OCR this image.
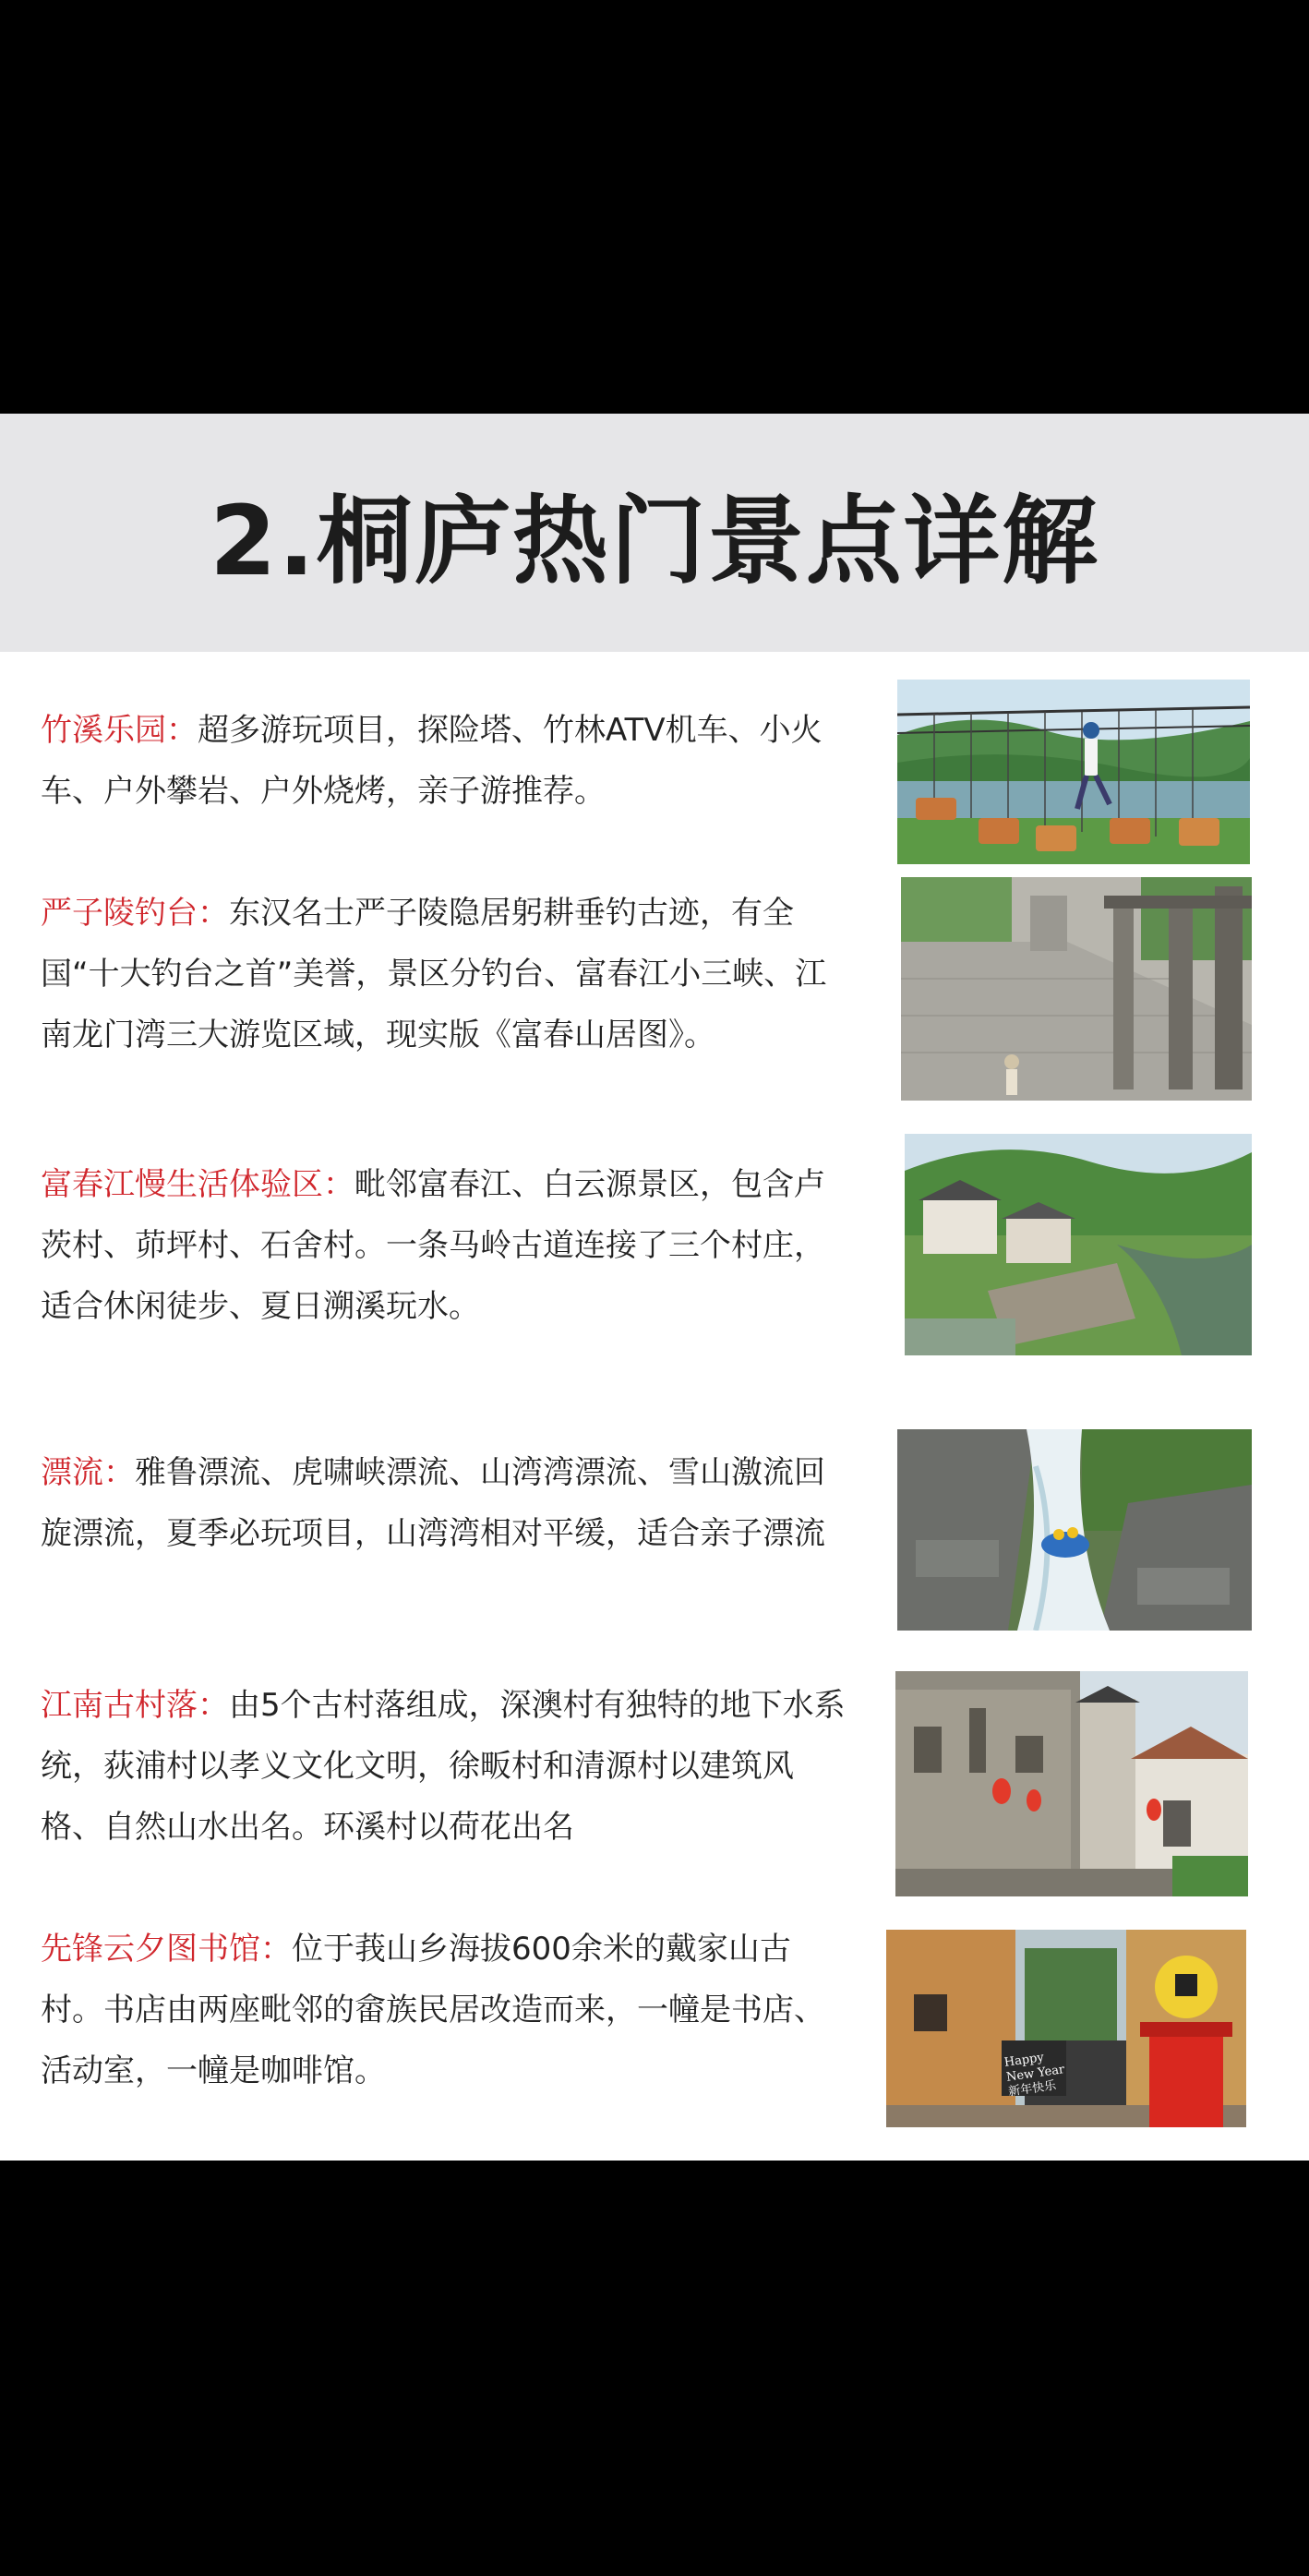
2.桐庐热门景点详解
竹溪乐园：超多游玩项目，探险塔、竹林ATV机车、小火车、户外攀岩、户外烧烤，亲子游推荐。
严子陵钓台：东汉名士严子陵隐居躬耕垂钓古迹，有全国“十大钓台之首”美誉，景区分钓台、富春江小三峡、江南龙门湾三大游览区域，现实版《富春山居图》。
富春江慢生活体验区：毗邻富春江、白云源景区，包含卢茨村、茆坪村、石舍村。一条马岭古道连接了三个村庄，适合休闲徒步、夏日溯溪玩水。
漂流：雅鲁漂流、虎啸峡漂流、山湾湾漂流、雪山激流回旋漂流，夏季必玩项目，山湾湾相对平缓，适合亲子漂流
江南古村落：由5个古村落组成，深澳村有独特的地下水系统，荻浦村以孝义文化文明，徐畈村和清源村以建筑风格、自然山水出名。环溪村以荷花出名
先锋云夕图书馆：位于莪山乡海拔600余米的戴家山古村。书店由两座毗邻的畲族民居改造而来，一幢是书店、活动室，一幢是咖啡馆。	Happy New Year
新年快乐
